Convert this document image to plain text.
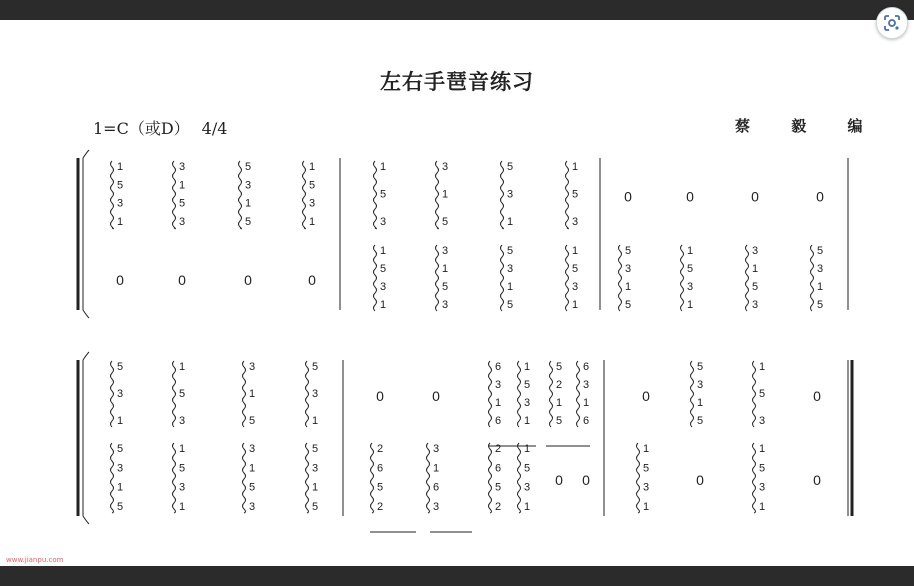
左右手琶音练习
1=C（或D） 4/4	蔡 毅 编
1
5
3
1
3
1
5
3
5
3
1
5
1
5
3
1
0	0	0	0
1
5
3
3
1
5
5
3
1
1
5
3
1
5
3
1
3
1
5
3
5
3
1
5
1
5
3
1
0	0	0	0
5
3
1
5
1
5
3
1
3
1
5
3
5
3
1
5
5
3
1
1
5
3
3
1
5
5
3
1
5
3
1
5
1
5
3
1
3
1
5
3
5
3
1
5
0	0
6
3
1
6
1
5
3
1
5
2
1
5
6
3
1
6
2
6
5
2
3
1
6
3
2
6
5
2
1
5
3
1
0 0
0
5
3
1
5
1
5
3
0
1
5
3
1
0
1
5
3
1
0
www.jianpu.com
